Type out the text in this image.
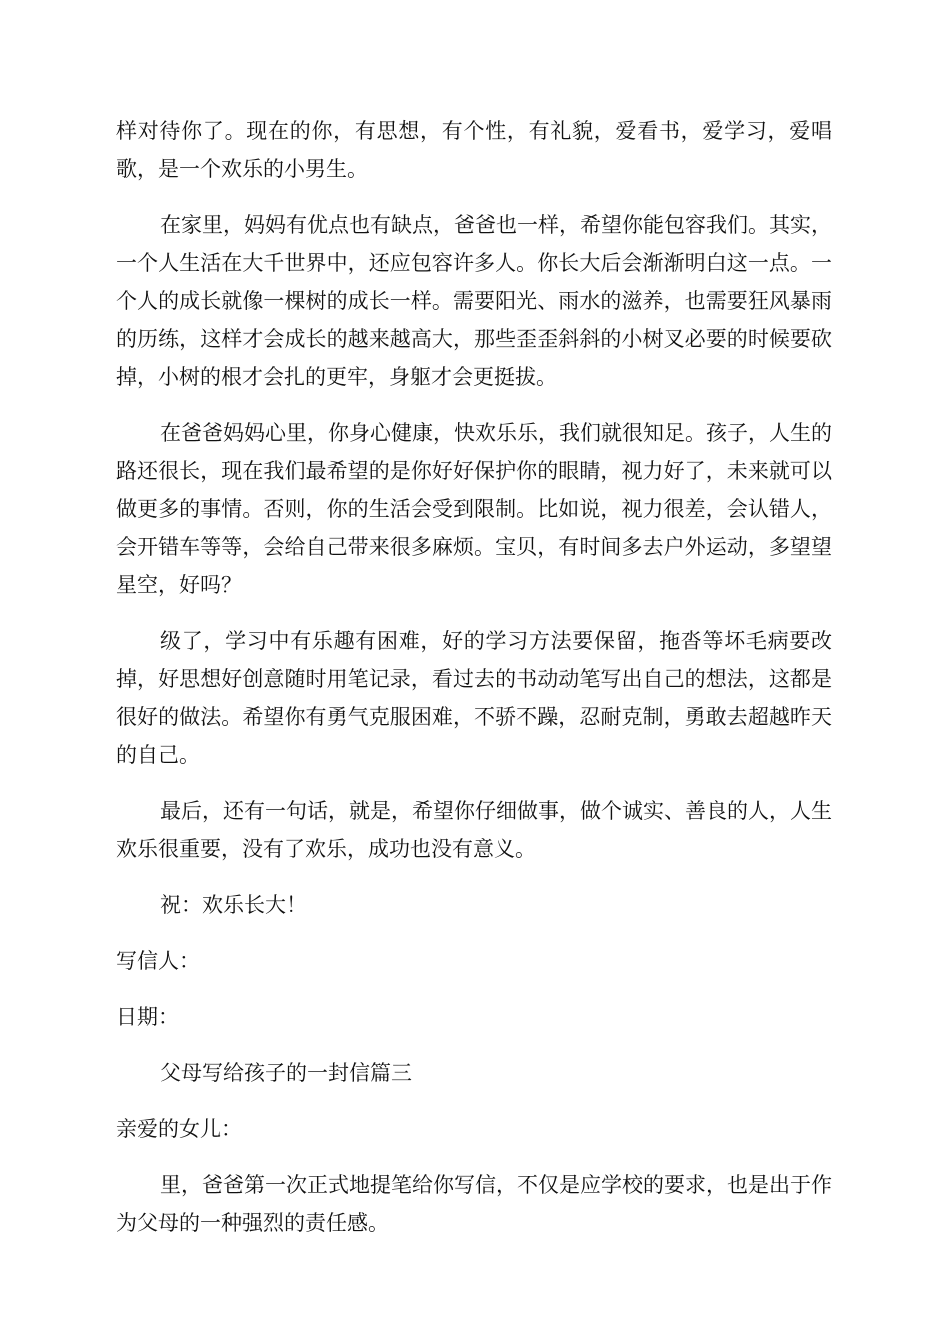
样对待你了。现在的你，有思想，有个性，有礼貌，爱看书，爱学习，爱唱歌，是一个欢乐的小男生。

在家里，妈妈有优点也有缺点，爸爸也一样，希望你能包容我们。其实，一个人生活在大千世界中，还应包容许多人。你长大后会渐渐明白这一点。一个人的成长就像一棵树的成长一样。需要阳光、雨水的滋养，也需要狂风暴雨的历练，这样才会成长的越来越高大，那些歪歪斜斜的小树叉必要的时候要砍掉，小树的根才会扎的更牢，身躯才会更挺拔。

在爸爸妈妈心里，你身心健康，快欢乐乐，我们就很知足。孩子，人生的路还很长，现在我们最希望的是你好好保护你的眼睛，视力好了，未来就可以做更多的事情。否则，你的生活会受到限制。比如说，视力很差，会认错人，会开错车等等，会给自己带来很多麻烦。宝贝，有时间多去户外运动，多望望星空，好吗？

级了，学习中有乐趣有困难，好的学习方法要保留，拖沓等坏毛病要改掉，好思想好创意随时用笔记录，看过去的书动动笔写出自己的想法，这都是很好的做法。希望你有勇气克服困难，不骄不躁，忍耐克制，勇敢去超越昨天的自己。

最后，还有一句话，就是，希望你仔细做事，做个诚实、善良的人，人生欢乐很重要，没有了欢乐，成功也没有意义。

祝：欢乐长大！

写信人：

日期：

父母写给孩子的一封信篇三

亲爱的女儿：

里，爸爸第一次正式地提笔给你写信，不仅是应学校的要求，也是出于作为父母的一种强烈的责任感。
